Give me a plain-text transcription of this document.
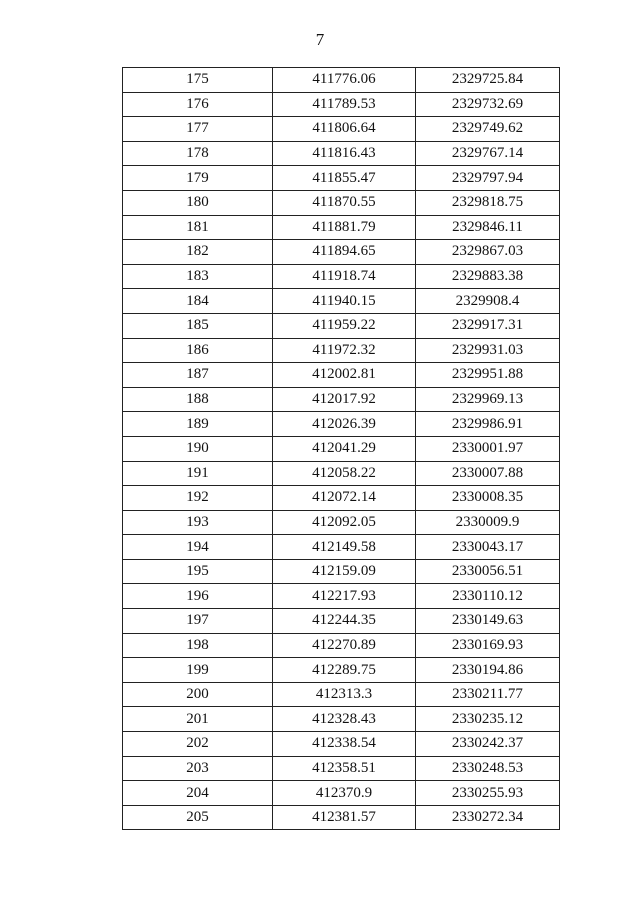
7
175	411776.06	2329725.84
176	411789.53	2329732.69
177	411806.64	2329749.62
178	411816.43	2329767.14
179	411855.47	2329797.94
180	411870.55	2329818.75
181	411881.79	2329846.11
182	411894.65	2329867.03
183	411918.74	2329883.38
184	411940.15	2329908.4
185	411959.22	2329917.31
186	411972.32	2329931.03
187	412002.81	2329951.88
188	412017.92	2329969.13
189	412026.39	2329986.91
190	412041.29	2330001.97
191	412058.22	2330007.88
192	412072.14	2330008.35
193	412092.05	2330009.9
194	412149.58	2330043.17
195	412159.09	2330056.51
196	412217.93	2330110.12
197	412244.35	2330149.63
198	412270.89	2330169.93
199	412289.75	2330194.86
200	412313.3	2330211.77
201	412328.43	2330235.12
202	412338.54	2330242.37
203	412358.51	2330248.53
204	412370.9	2330255.93
205	412381.57	2330272.34
